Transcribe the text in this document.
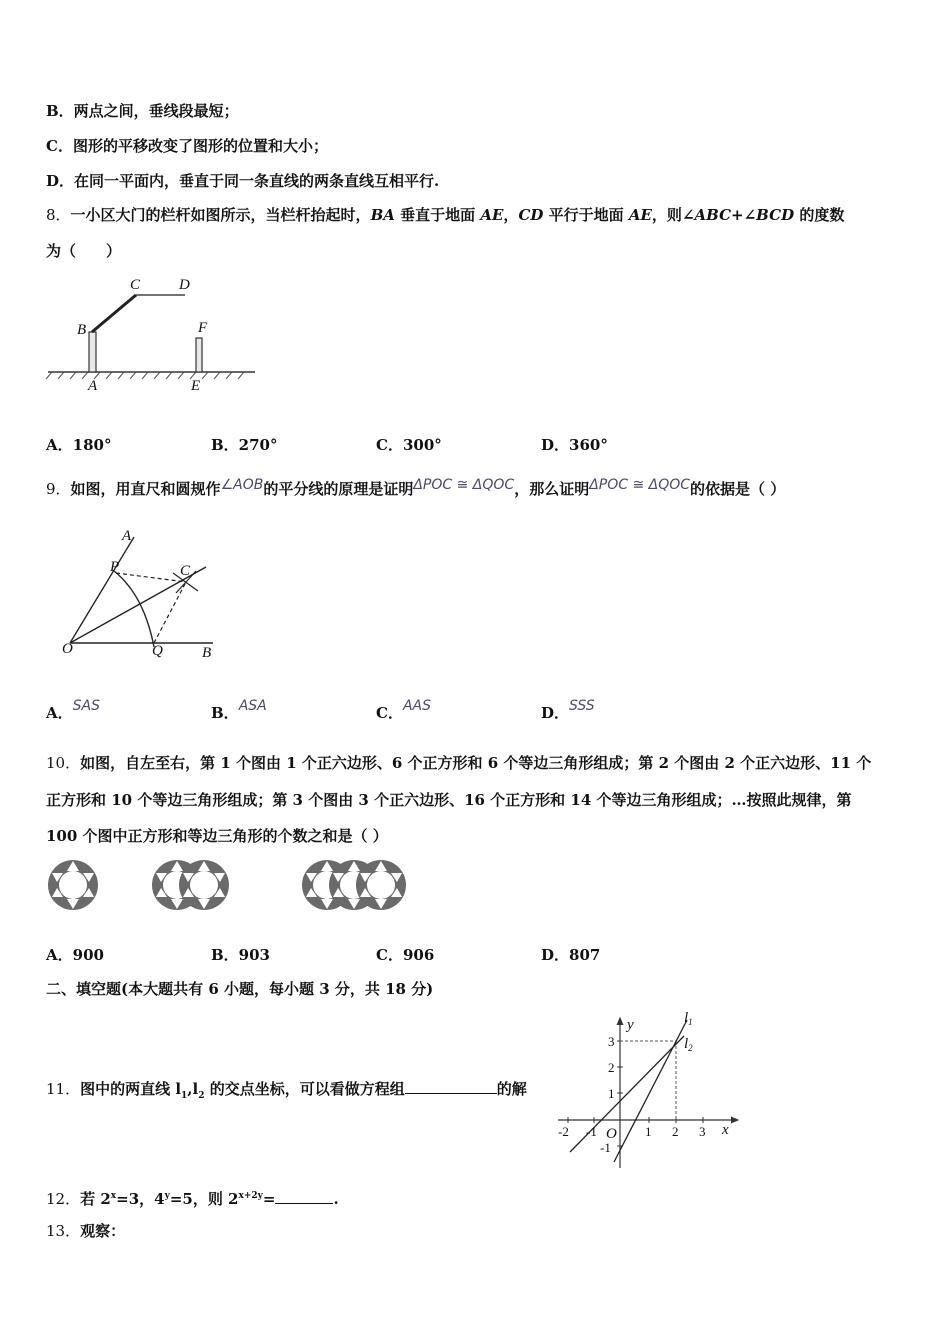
B．两点之间，垂线段最短；
C．图形的平移改变了图形的位置和大小；
D．在同一平面内，垂直于同一条直线的两条直线互相平行.
8．一小区大门的栏杆如图所示，当栏杆抬起时，BA 垂直于地面 AE，CD 平行于地面 AE，则∠ABC+∠BCD 的度数
为（　　）
A
B
C	D
E
F
A．180°	B．270°	C．300°	D．360°
9．如图，用直尺和圆规作∠AOB的平分线的原理是证明ΔPOC ≅ ΔQOC，那么证明ΔPOC ≅ ΔQOC的依据是（ ）
A
P	C
O	Q	B
A．SAS	B．ASA	C．AAS	D．SSS
10．如图，自左至右，第 1 个图由 1 个正六边形、6 个正方形和 6 个等边三角形组成；第 2 个图由 2 个正六边形、11 个
正方形和 10 个等边三角形组成；第 3 个图由 3 个正六边形、16 个正方形和 14 个等边三角形组成；…按照此规律，第
100 个图中正方形和等边三角形的个数之和是（ ）
A．900	B．903	C．906	D．807
二、填空题(本大题共有 6 小题，每小题 3 分，共 18 分)
11．图中的两直线 $l_1,l_2$ 的交点坐标，可以看做方程组	的解
y
x
O
$l_1$
$l_2$
3
2
1
-1
-2 -1	1 2 3
12．若 $2^x=3$，$4^y=5$，则 $2^{x+2y}=$	.
13．观察：
